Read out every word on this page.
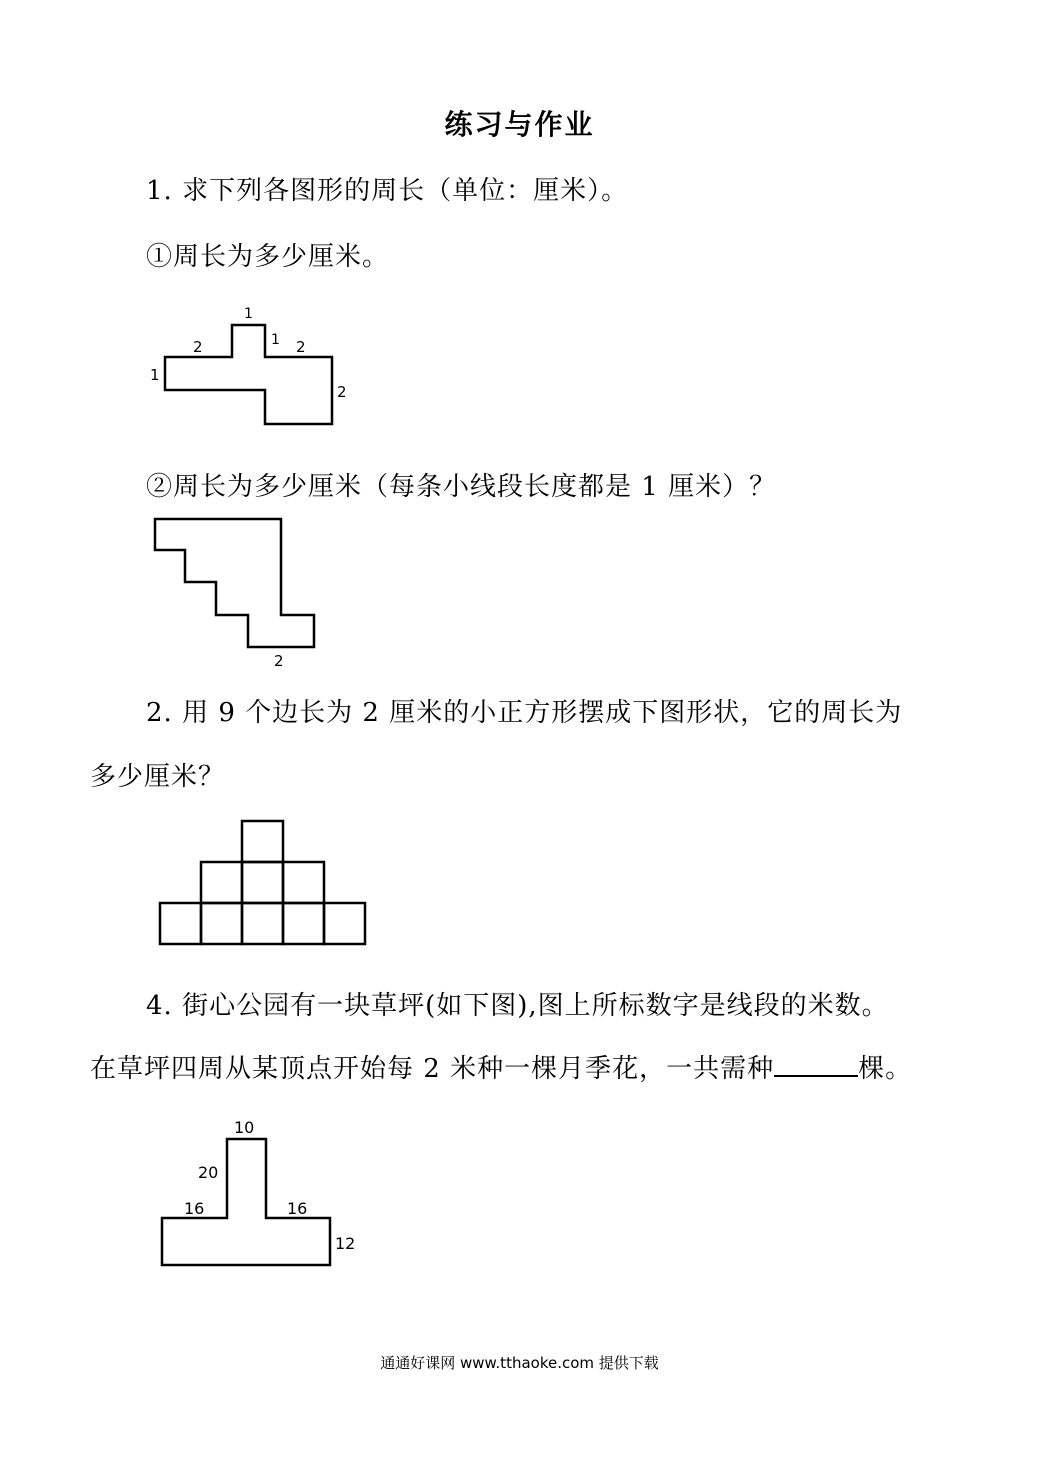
练习与作业
1. 求下列各图形的周长（单位：厘米）。
①周长为多少厘米。
1
1
2	2
1
2
②周长为多少厘米（每条小线段长度都是 1 厘米）？
2
2. 用 9 个边长为 2 厘米的小正方形摆成下图形状，它的周长为
多少厘米？
4. 街心公园有一块草坪(如下图),图上所标数字是线段的米数。
在草坪四周从某顶点开始每 2 米种一棵月季花，一共需种	棵。
10
20
16	16
12
通通好课网 www.tthaoke.com 提供下载
